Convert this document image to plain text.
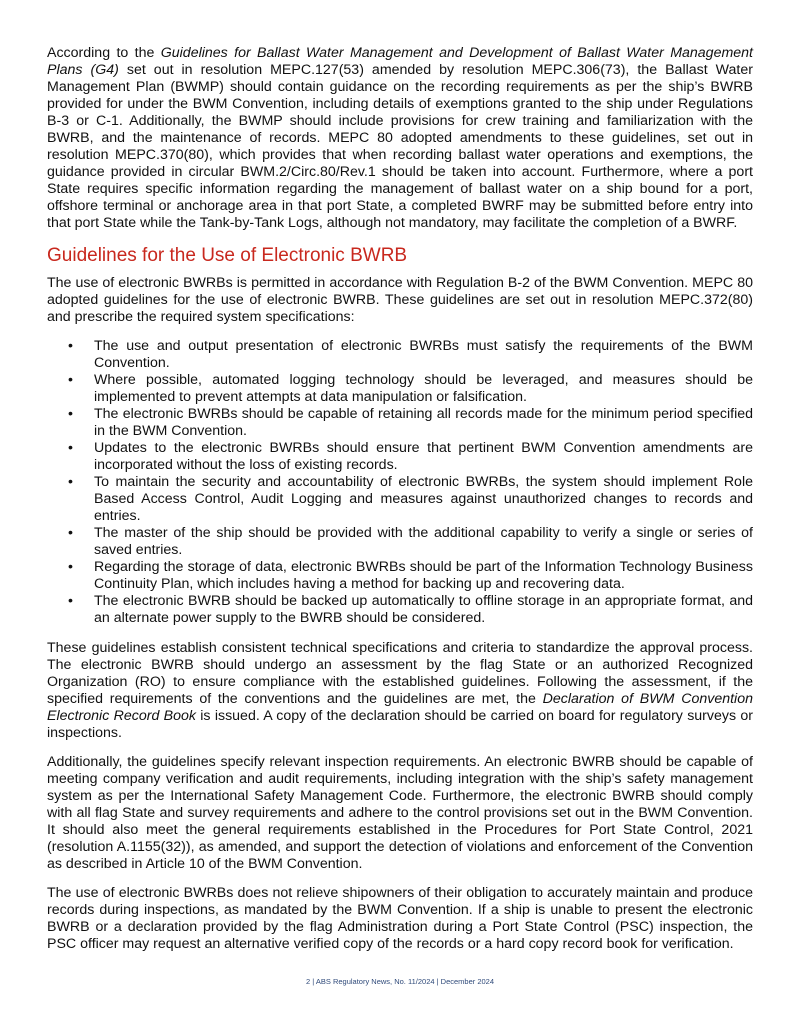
According to the Guidelines for Ballast Water Management and Development of Ballast Water Management Plans (G4) set out in resolution MEPC.127(53) amended by resolution MEPC.306(73), the Ballast Water Management Plan (BWMP) should contain guidance on the recording requirements as per the ship’s BWRB provided for under the BWM Convention, including details of exemptions granted to the ship under Regulations B-3 or C-1. Additionally, the BWMP should include provisions for crew training and familiarization with the BWRB, and the maintenance of records. MEPC 80 adopted amendments to these guidelines, set out in resolution MEPC.370(80), which provides that when recording ballast water operations and exemptions, the guidance provided in circular BWM.2/Circ.80/Rev.1 should be taken into account. Furthermore, where a port State requires specific information regarding the management of ballast water on a ship bound for a port, offshore terminal or anchorage area in that port State, a completed BWRF may be submitted before entry into that port State while the Tank-by-Tank Logs, although not mandatory, may facilitate the completion of a BWRF.

Guidelines for the Use of Electronic BWRB

The use of electronic BWRBs is permitted in accordance with Regulation B-2 of the BWM Convention. MEPC 80 adopted guidelines for the use of electronic BWRB. These guidelines are set out in resolution MEPC.372(80) and prescribe the required system specifications:

• The use and output presentation of electronic BWRBs must satisfy the requirements of the BWM Convention.
• Where possible, automated logging technology should be leveraged, and measures should be implemented to prevent attempts at data manipulation or falsification.
• The electronic BWRBs should be capable of retaining all records made for the minimum period specified in the BWM Convention.
• Updates to the electronic BWRBs should ensure that pertinent BWM Convention amendments are incorporated without the loss of existing records.
• To maintain the security and accountability of electronic BWRBs, the system should implement Role Based Access Control, Audit Logging and measures against unauthorized changes to records and entries.
• The master of the ship should be provided with the additional capability to verify a single or series of saved entries.
• Regarding the storage of data, electronic BWRBs should be part of the Information Technology Business Continuity Plan, which includes having a method for backing up and recovering data.
• The electronic BWRB should be backed up automatically to offline storage in an appropriate format, and an alternate power supply to the BWRB should be considered.

These guidelines establish consistent technical specifications and criteria to standardize the approval process. The electronic BWRB should undergo an assessment by the flag State or an authorized Recognized Organization (RO) to ensure compliance with the established guidelines. Following the assessment, if the specified requirements of the conventions and the guidelines are met, the Declaration of BWM Convention Electronic Record Book is issued. A copy of the declaration should be carried on board for regulatory surveys or inspections.

Additionally, the guidelines specify relevant inspection requirements. An electronic BWRB should be capable of meeting company verification and audit requirements, including integration with the ship’s safety management system as per the International Safety Management Code. Furthermore, the electronic BWRB should comply with all flag State and survey requirements and adhere to the control provisions set out in the BWM Convention. It should also meet the general requirements established in the Procedures for Port State Control, 2021 (resolution A.1155(32)), as amended, and support the detection of violations and enforcement of the Convention as described in Article 10 of the BWM Convention.

The use of electronic BWRBs does not relieve shipowners of their obligation to accurately maintain and produce records during inspections, as mandated by the BWM Convention. If a ship is unable to present the electronic BWRB or a declaration provided by the flag Administration during a Port State Control (PSC) inspection, the PSC officer may request an alternative verified copy of the records or a hard copy record book for verification.

2 | ABS Regulatory News, No. 11/2024 | December 2024
